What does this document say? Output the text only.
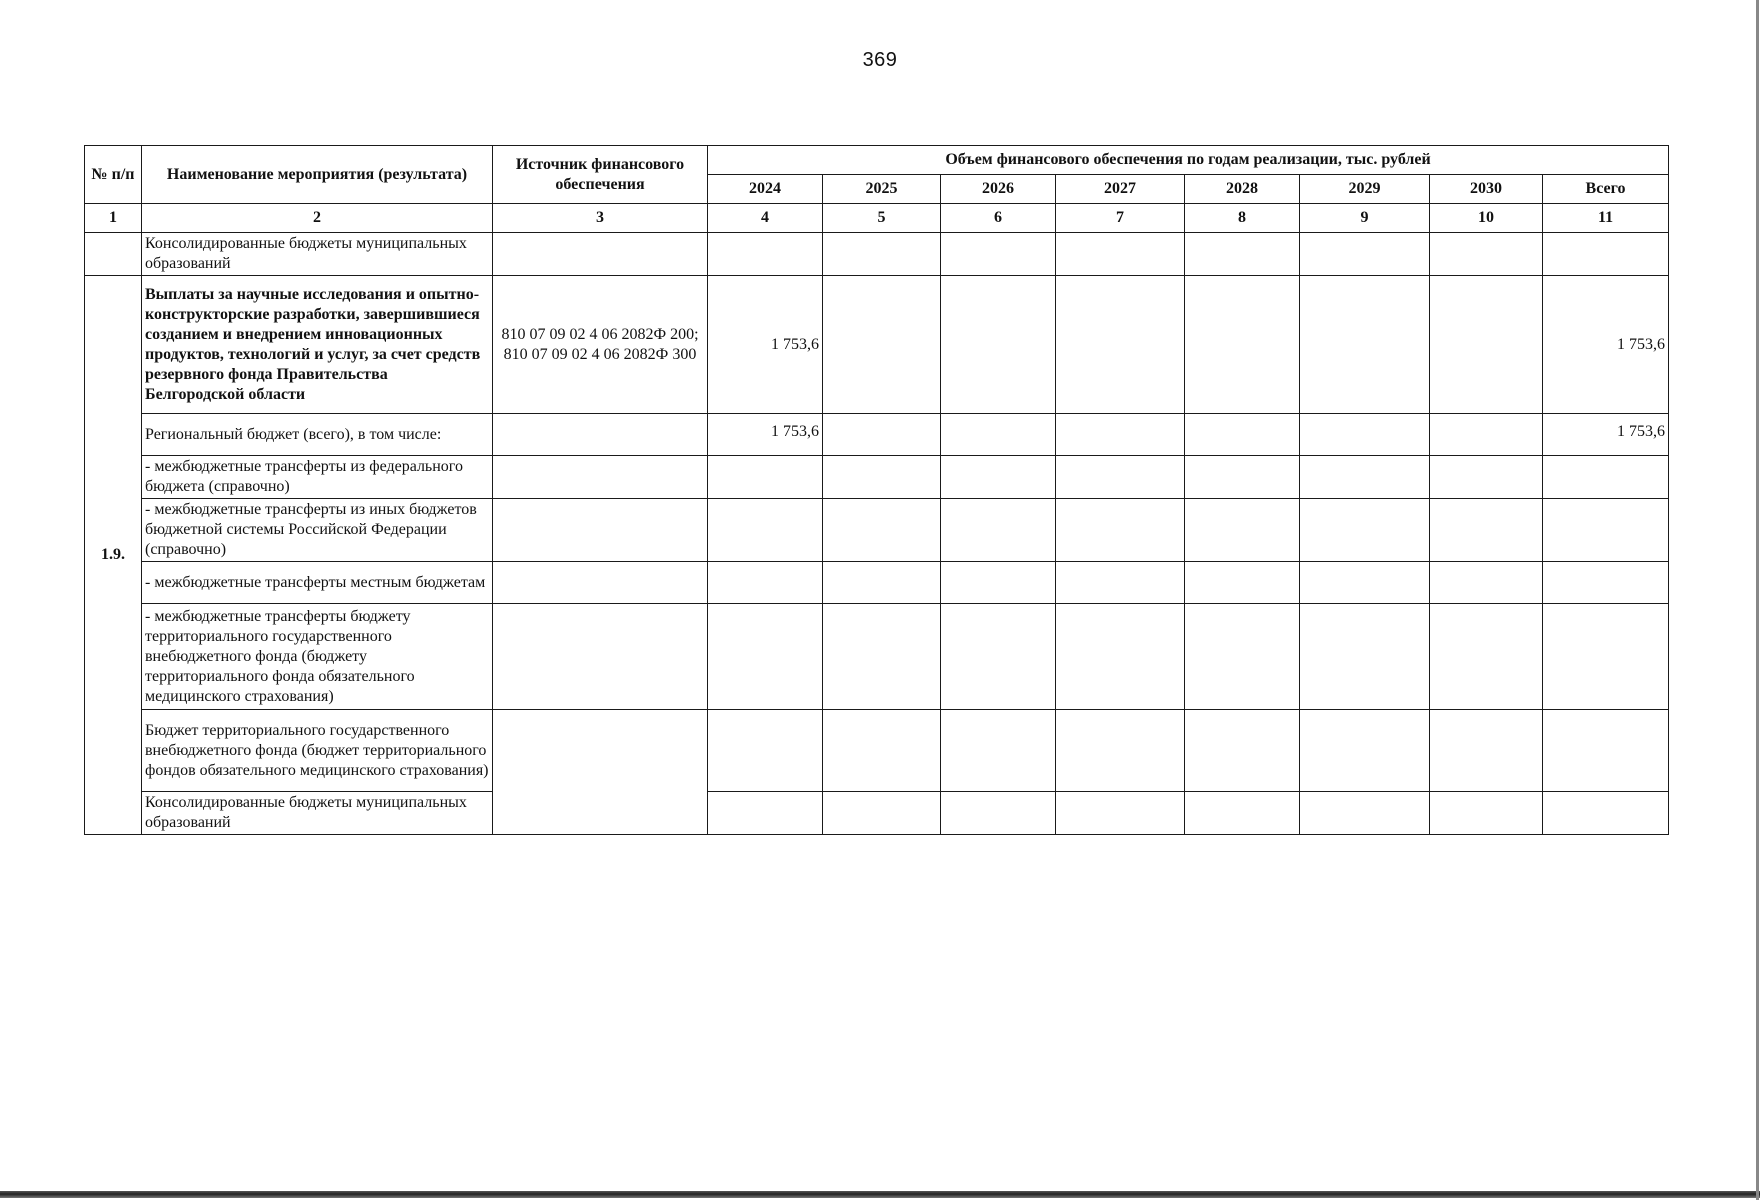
369
№ п/п	Наименование мероприятия (результата)	Источник финансового обеспечения	Объем финансового обеспечения по годам реализации, тыс. рублей							
			2024	2025	2026	2027	2028	2029	2030	Всего
1	2	3	4	5	6	7	8	9	10	11
	Консолидированные бюджеты муниципальных образований									
1.9.	Выплаты за научные исследования и опытно-конструкторские разработки, завершившиеся созданием и внедрением инновационных продуктов, технологий и услуг, за счет средств резервного фонда Правительства Белгородской области	810 07 09 02 4 06 2082Ф 200; 810 07 09 02 4 06 2082Ф 300	1 753,6							1 753,6
	Региональный бюджет (всего), в том числе:		1 753,6							1 753,6
	- межбюджетные трансферты из федерального бюджета (справочно)									
	- межбюджетные трансферты из иных бюджетов бюджетной системы Российской Федерации (справочно)									
	- межбюджетные трансферты местным бюджетам									
	- межбюджетные трансферты бюджету территориального государственного внебюджетного фонда (бюджету территориального фонда обязательного медицинского страхования)									
	Бюджет территориального государственного внебюджетного фонда (бюджет территориального фондов обязательного медицинского страхования)									
	Консолидированные бюджеты муниципальных образований									
